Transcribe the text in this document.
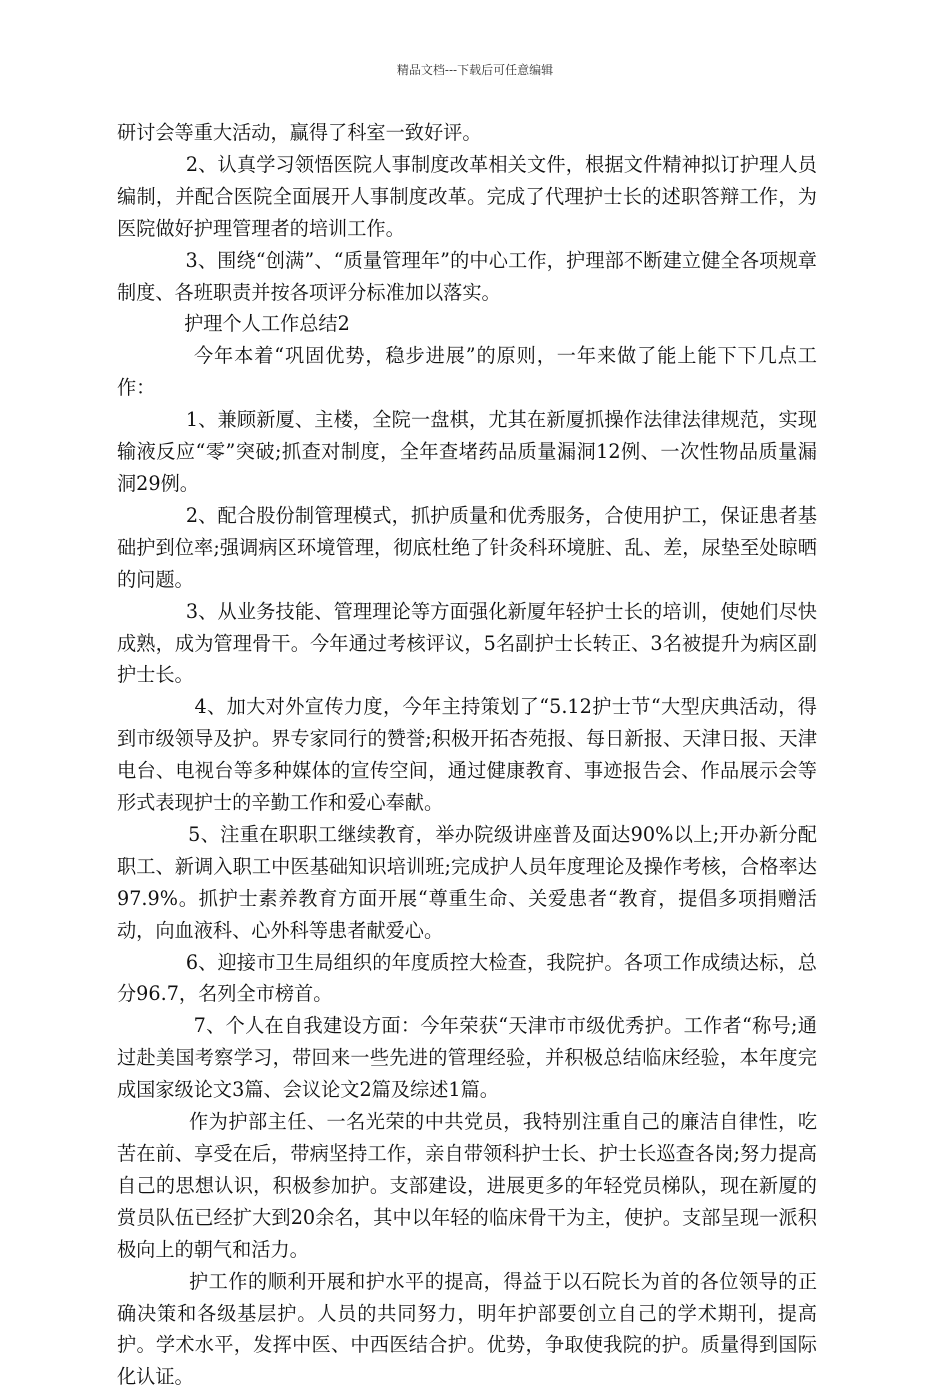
精品文档---下载后可任意编辑

研讨会等重大活动，赢得了科室一致好评。

2、认真学习领悟医院人事制度改革相关文件，根据文件精神拟订护理人员编制，并配合医院全面展开人事制度改革。完成了代理护士长的述职答辩工作，为医院做好护理管理者的培训工作。

3、围绕“创满”、“质量管理年”的中心工作，护理部不断建立健全各项规章制度、各班职责并按各项评分标准加以落实。

护理个人工作总结2

今年本着“巩固优势，稳步进展”的原则，一年来做了能上能下下几点工作：

1、兼顾新厦、主楼，全院一盘棋，尤其在新厦抓操作法律法律规范，实现输液反应“零”突破;抓查对制度，全年查堵药品质量漏洞12例、一次性物品质量漏洞29例。

2、配合股份制管理模式，抓护质量和优秀服务，合使用护工，保证患者基础护到位率;强调病区环境管理，彻底杜绝了针灸科环境脏、乱、差，尿垫至处晾晒的问题。

3、从业务技能、管理理论等方面强化新厦年轻护士长的培训，使她们尽快成熟，成为管理骨干。今年通过考核评议，5名副护士长转正、3名被提升为病区副护士长。

4、加大对外宣传力度，今年主持策划了“5.12护士节“大型庆典活动，得到市级领导及护。界专家同行的赞誉;积极开拓杏苑报、每日新报、天津日报、天津电台、电视台等多种媒体的宣传空间，通过健康教育、事迹报告会、作品展示会等形式表现护士的辛勤工作和爱心奉献。

5、注重在职职工继续教育，举办院级讲座普及面达90%以上;开办新分配职工、新调入职工中医基础知识培训班;完成护人员年度理论及操作考核，合格率达97.9%。抓护士素养教育方面开展“尊重生命、关爱患者“教育，提倡多项捐赠活动，向血液科、心外科等患者献爱心。

6、迎接市卫生局组织的年度质控大检查，我院护。各项工作成绩达标，总分96.7，名列全市榜首。

7、个人在自我建设方面：今年荣获“天津市市级优秀护。工作者“称号;通过赴美国考察学习，带回来一些先进的管理经验，并积极总结临床经验，本年度完成国家级论文3篇、会议论文2篇及综述1篇。

作为护部主任、一名光荣的中共党员，我特别注重自己的廉洁自律性，吃苦在前、享受在后，带病坚持工作，亲自带领科护士长、护士长巡查各岗;努力提高自己的思想认识，积极参加护。支部建设，进展更多的年轻党员梯队，现在新厦的赏员队伍已经扩大到20余名，其中以年轻的临床骨干为主，使护。支部呈现一派积极向上的朝气和活力。

护工作的顺利开展和护水平的提高，得益于以石院长为首的各位领导的正确决策和各级基层护。人员的共同努力，明年护部要创立自己的学术期刊，提高护。学术水平，发挥中医、中西医结合护。优势，争取使我院的护。质量得到国际化认证。
